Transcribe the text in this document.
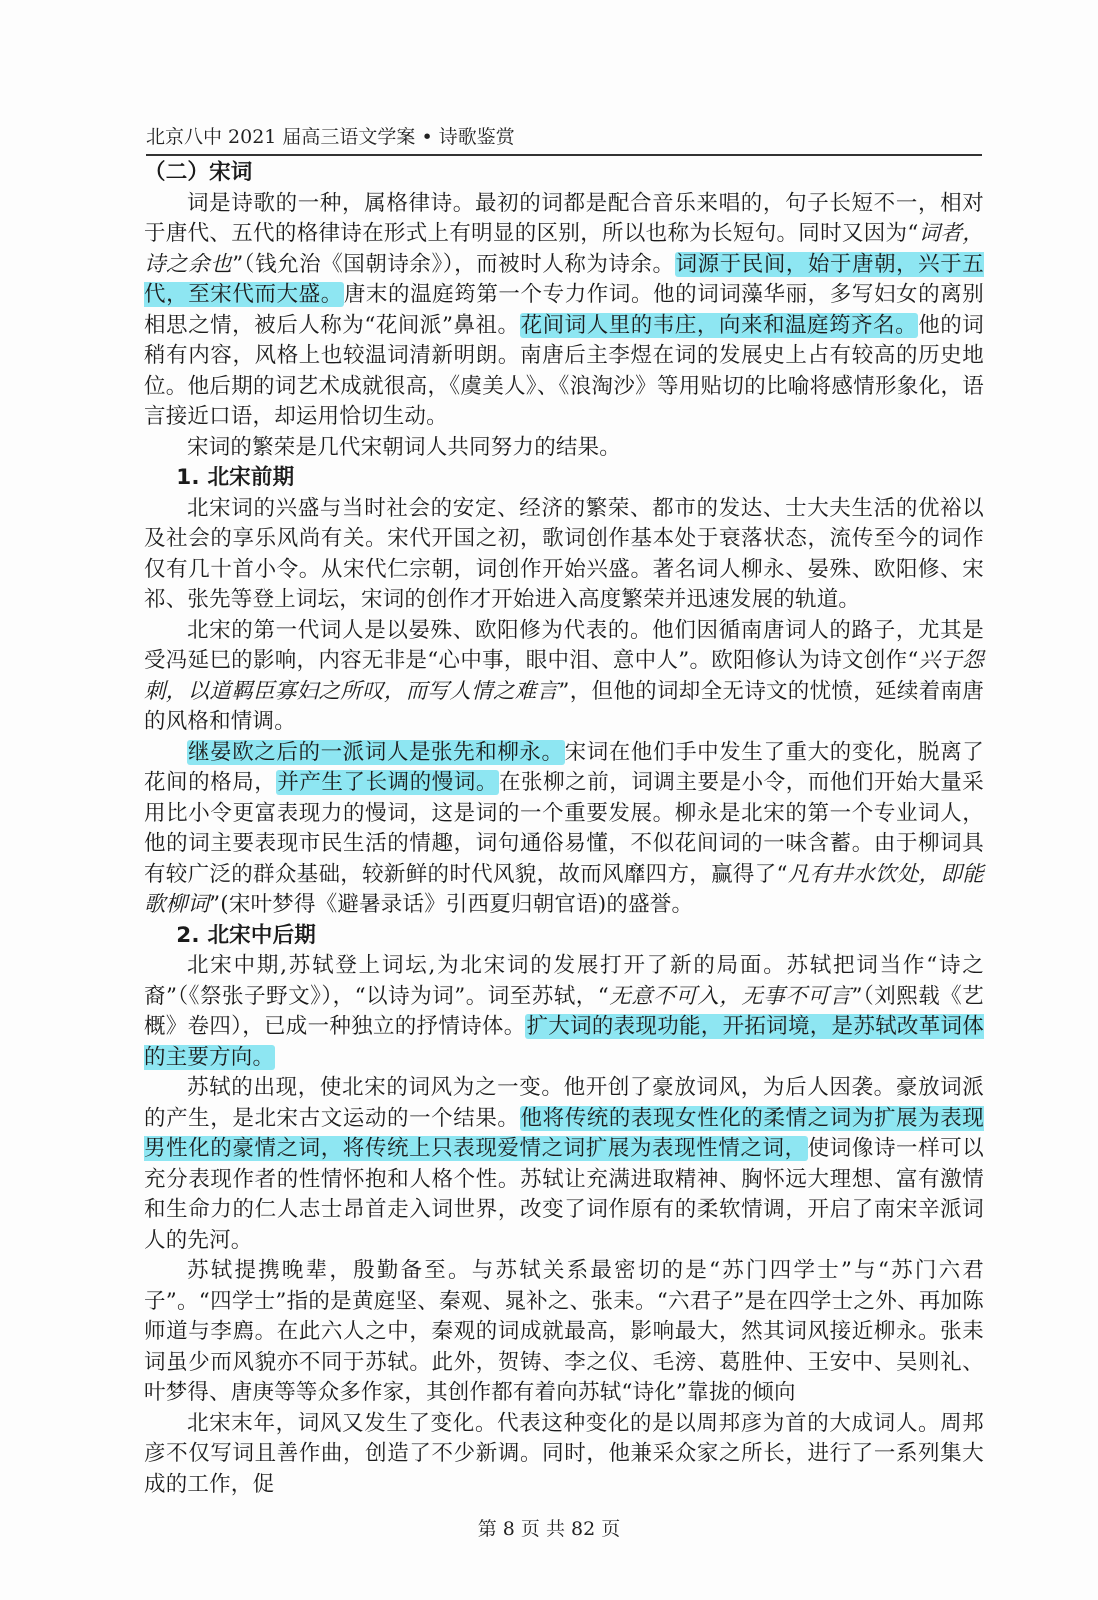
北京八中 2021 届高三语文学案 • 诗歌鉴赏
（二）宋词

词是诗歌的一种，属格律诗。最初的词都是配合音乐来唱的，句子长短不一，相对于唐代、五代的格律诗在形式上有明显的区别，所以也称为长短句。同时又因为“词者，诗之余也”（钱允治《国朝诗余》），而被时人称为诗余。词源于民间，始于唐朝，兴于五代，至宋代而大盛。唐末的温庭筠第一个专力作词。他的词词藻华丽，多写妇女的离别相思之情，被后人称为“花间派”鼻祖。花间词人里的韦庄，向来和温庭筠齐名。他的词稍有内容，风格上也较温词清新明朗。南唐后主李煜在词的发展史上占有较高的历史地位。他后期的词艺术成就很高，《虞美人》、《浪淘沙》等用贴切的比喻将感情形象化，语言接近口语，却运用恰切生动。

宋词的繁荣是几代宋朝词人共同努力的结果。

1. 北宋前期

北宋词的兴盛与当时社会的安定、经济的繁荣、都市的发达、士大夫生活的优裕以及社会的享乐风尚有关。宋代开国之初，歌词创作基本处于衰落状态，流传至今的词作仅有几十首小令。从宋代仁宗朝，词创作开始兴盛。著名词人柳永、晏殊、欧阳修、宋祁、张先等登上词坛，宋词的创作才开始进入高度繁荣并迅速发展的轨道。

北宋的第一代词人是以晏殊、欧阳修为代表的。他们因循南唐词人的路子，尤其是受冯延巳的影响，内容无非是“心中事，眼中泪、意中人”。欧阳修认为诗文创作“兴于怨刺，以道羁臣寡妇之所叹，而写人情之难言”，但他的词却全无诗文的忧愤，延续着南唐的风格和情调。

继晏欧之后的一派词人是张先和柳永。宋词在他们手中发生了重大的变化，脱离了花间的格局，并产生了长调的慢词。在张柳之前，词调主要是小令，而他们开始大量采用比小令更富表现力的慢词，这是词的一个重要发展。柳永是北宋的第一个专业词人，他的词主要表现市民生活的情趣，词句通俗易懂，不似花间词的一味含蓄。由于柳词具有较广泛的群众基础，较新鲜的时代风貌，故而风靡四方，赢得了“凡有井水饮处，即能歌柳词”(宋叶梦得《避暑录话》引西夏归朝官语)的盛誉。

2. 北宋中后期

北宋中期,苏轼登上词坛,为北宋词的发展打开了新的局面。苏轼把词当作“诗之裔”（《祭张子野文》），“以诗为词”。词至苏轼，“无意不可入，无事不可言”（刘熙载《艺概》卷四），已成一种独立的抒情诗体。扩大词的表现功能，开拓词境，是苏轼改革词体的主要方向。

苏轼的出现，使北宋的词风为之一变。他开创了豪放词风，为后人因袭。豪放词派的产生，是北宋古文运动的一个结果。他将传统的表现女性化的柔情之词为扩展为表现男性化的豪情之词，将传统上只表现爱情之词扩展为表现性情之词，使词像诗一样可以充分表现作者的性情怀抱和人格个性。苏轼让充满进取精神、胸怀远大理想、富有激情和生命力的仁人志士昂首走入词世界，改变了词作原有的柔软情调，开启了南宋辛派词人的先河。

苏轼提携晚辈，殷勤备至。与苏轼关系最密切的是“苏门四学士”与“苏门六君子”。“四学士”指的是黄庭坚、秦观、晁补之、张耒。“六君子”是在四学士之外、再加陈师道与李廌。在此六人之中，秦观的词成就最高，影响最大，然其词风接近柳永。张耒词虽少而风貌亦不同于苏轼。此外，贺铸、李之仪、毛滂、葛胜仲、王安中、吴则礼、叶梦得、唐庚等等众多作家，其创作都有着向苏轼“诗化”靠拢的倾向

北宋末年，词风又发生了变化。代表这种变化的是以周邦彦为首的大成词人。周邦彦不仅写词且善作曲，创造了不少新调。同时，他兼采众家之所长，进行了一系列集大成的工作，促

第 8 页 共 82 页
